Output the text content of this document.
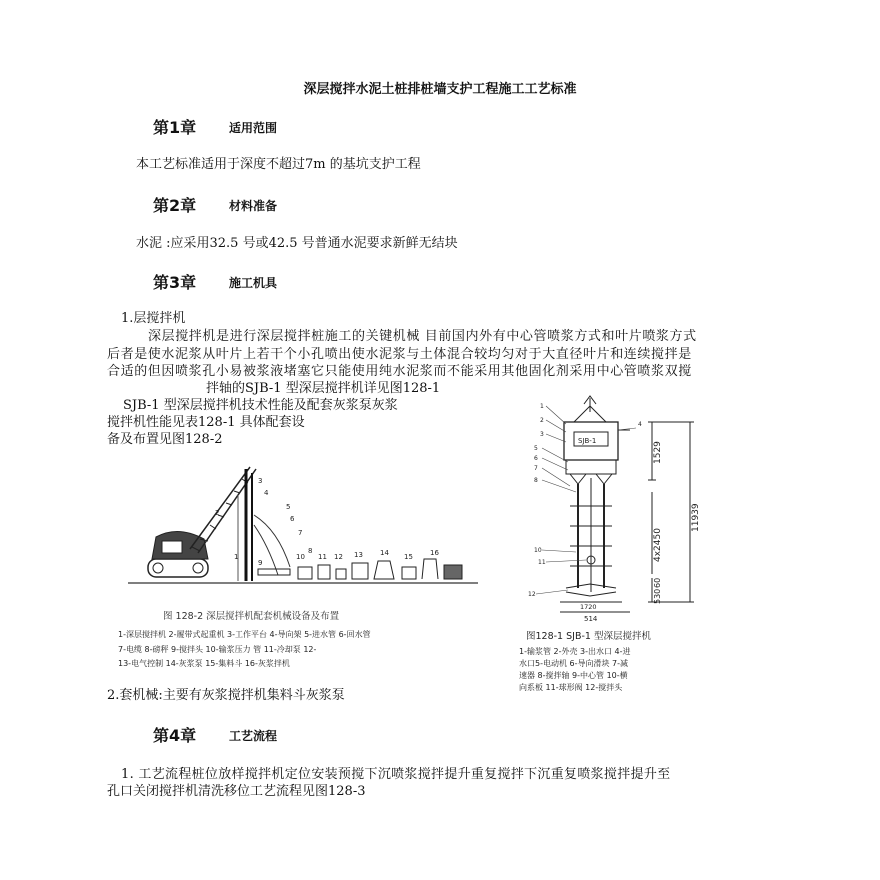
深层搅拌水泥土桩排桩墙支护工程施工工艺标准
第1章	适用范围
本工艺标准适用于深度不超过7m 的基坑支护工程
第2章	材料准备
水泥 :应采用32.5 号或42.5 号普通水泥要求新鲜无结块
第3章	施工机具
1.层搅拌机
深层搅拌机是进行深层搅拌桩施工的关键机械 目前国内外有中心管喷浆方式和叶片喷浆方式
后者是使水泥浆从叶片上若干个小孔喷出使水泥浆与土体混合较均匀对于大直径叶片和连续搅拌是
合适的但因喷浆孔小易被浆液堵塞它只能使用纯水泥浆而不能采用其他固化剂采用中心管喷浆双搅
拌轴的SJB-1 型深层搅拌机详见图128-1
SJB-1 型深层搅拌机技术性能及配套灰浆泵灰浆
搅拌机性能见表128-1 具体配套设
备及布置见图128-2
2
3
4
5
6
7
8
1
9
10 11 12 13 14 15 16
图 128-2 深层搅拌机配套机械设备及布置
1-深层搅拌机 2-履带式起重机 3-工作平台 4-导向架 5-进水管 6-回水管
7-电缆 8-磅秤 9-搅拌头 10-输浆压力 管 11-冷却泵 12-
13-电气控制 14-灰浆泵 15-集料斗 16-灰浆拌机
SJB-1
1720
514
1529
4x2450
11939
60
530
1
2
3
4
5
6
7
8
10
11
12
图128-1 SJB-1 型深层搅拌机
1-输浆管 2-外壳 3-出水口 4-进
水口5-电动机 6-导向滑块 7-减
速器 8-搅拌轴 9-中心管 10-横
向系板 11-球形阀 12-搅拌头
2.套机械:主要有灰浆搅拌机集料斗灰浆泵
第4章	工艺流程
1. 工艺流程桩位放样搅拌机定位安装预搅下沉喷浆搅拌提升重复搅拌下沉重复喷浆搅拌提升至
孔口关闭搅拌机清洗移位工艺流程见图128-3
